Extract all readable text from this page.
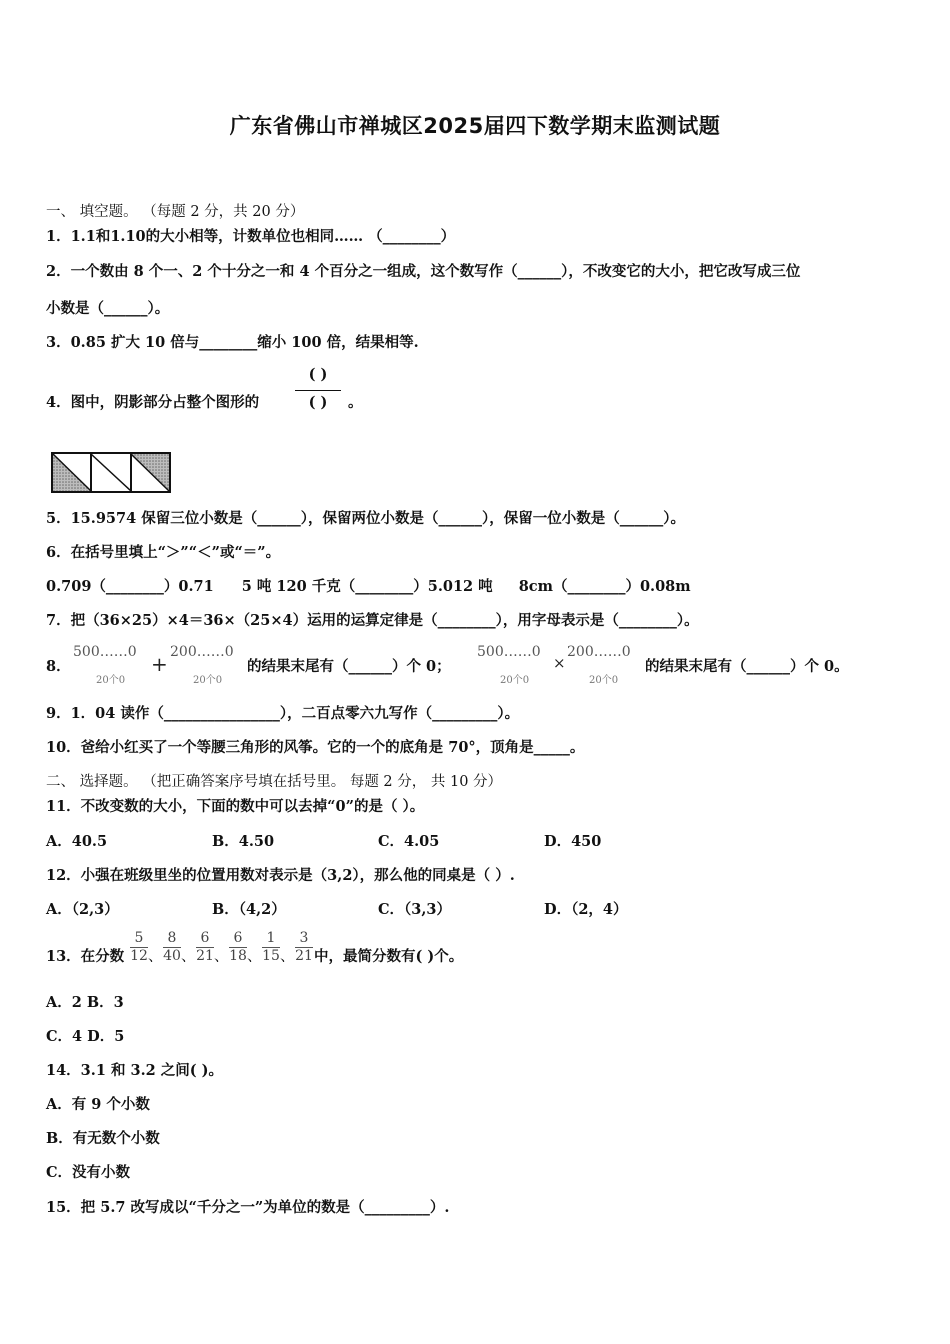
广东省佛山市禅城区2025届四下数学期末监测试题
一、 填空题。 （每题 2 分，共 20 分）
1．1.1和1.10的大小相等，计数单位也相同…… （________）
2．一个数由 8 个一、2 个十分之一和 4 个百分之一组成，这个数写作（______），不改变它的大小，把它改写成三位
小数是（______）。
3．0.85 扩大 10 倍与________缩小 100 倍，结果相等.
4．图中，阴影部分占整个图形的
( )
( )	。
5．15.9574 保留三位小数是（______），保留两位小数是（______），保留一位小数是（______）。
6．在括号里填上“＞”“＜”或“＝”。
0.709（________）0.71 5 吨 120 千克（________）5.012 吨 8cm（________）0.08m
7．把（36×25）×4＝36×（25×4）运用的运算定律是（________），用字母表示是（________）。
8．
500……0
20个0
+ 200……0
20个0
的结果末尾有（______）个 0；
500……0
20个0
×
200……0
20个0
的结果末尾有（______）个 0。
9．1．04 读作（________________），二百点零六九写作（_________）。
10．爸给小红买了一个等腰三角形的风筝。它的一个的底角是 70°，顶角是_____。
二、 选择题。 （把正确答案序号填在括号里。 每题 2 分， 共 10 分）
11．不改变数的大小，下面的数中可以去掉“0”的是（ ）。
A．40.5	B．4.50	C．4.05	D．450
12．小强在班级里坐的位置用数对表示是（3,2），那么他的同桌是（ ）.
A．（2,3）	B．（4,2）	C．（3,3）	D．（2，4）
13．在分数
5
12 、
8
40 、
6
21 、
6
18 、
1
15 、
3
21 中，最简分数有( )个。
A．2 B．3
C．4 D．5
14．3.1 和 3.2 之间( )。
A．有 9 个小数
B．有无数个小数
C．没有小数
15．把 5.7 改写成以“千分之一”为单位的数是（_________）.
